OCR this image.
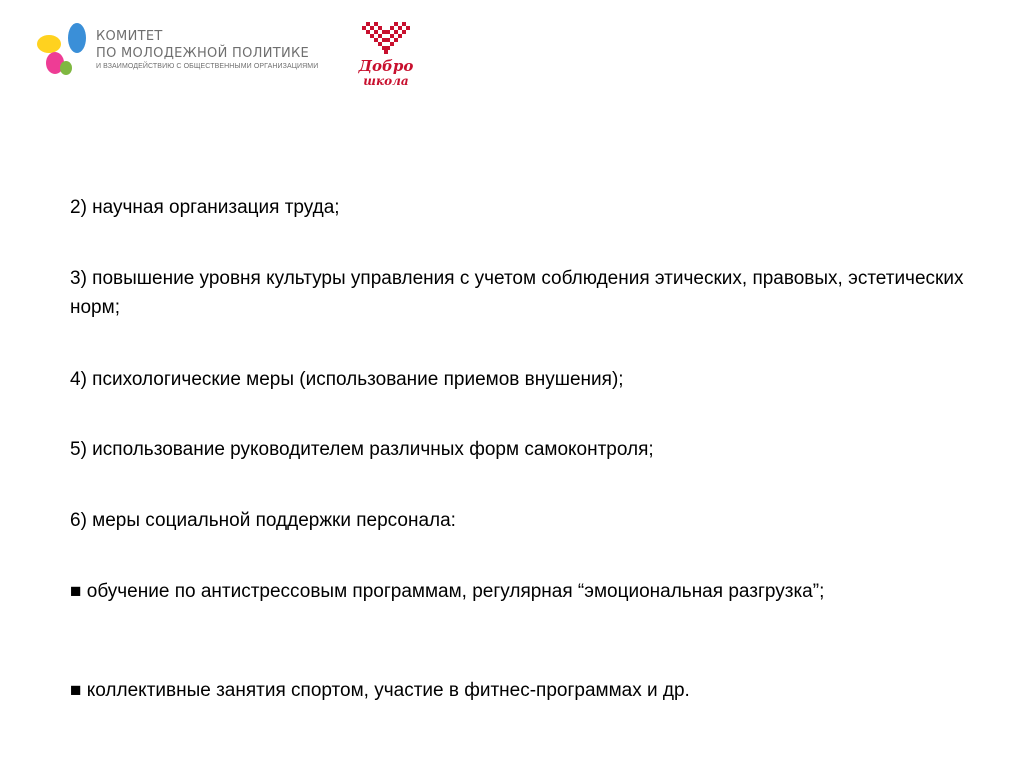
КОМИТЕТ
ПО МОЛОДЕЖНОЙ ПОЛИТИКЕ
И ВЗАИМОДЕЙСТВИЮ С ОБЩЕСТВЕННЫМИ ОРГАНИЗАЦИЯМИ	Добро
школа
2) научная организация труда;
3) повышение уровня культуры управления с учетом соблюдения этических, правовых, эстетических норм;
4) психологические меры (использование приемов внушения);
5) использование руководителем различных форм самоконтроля;
6) меры социальной поддержки персонала:
■ обучение по антистрессовым программам, регулярная “эмоциональная разгрузка”;
■ коллективные занятия спортом, участие в фитнес-программах и др.
